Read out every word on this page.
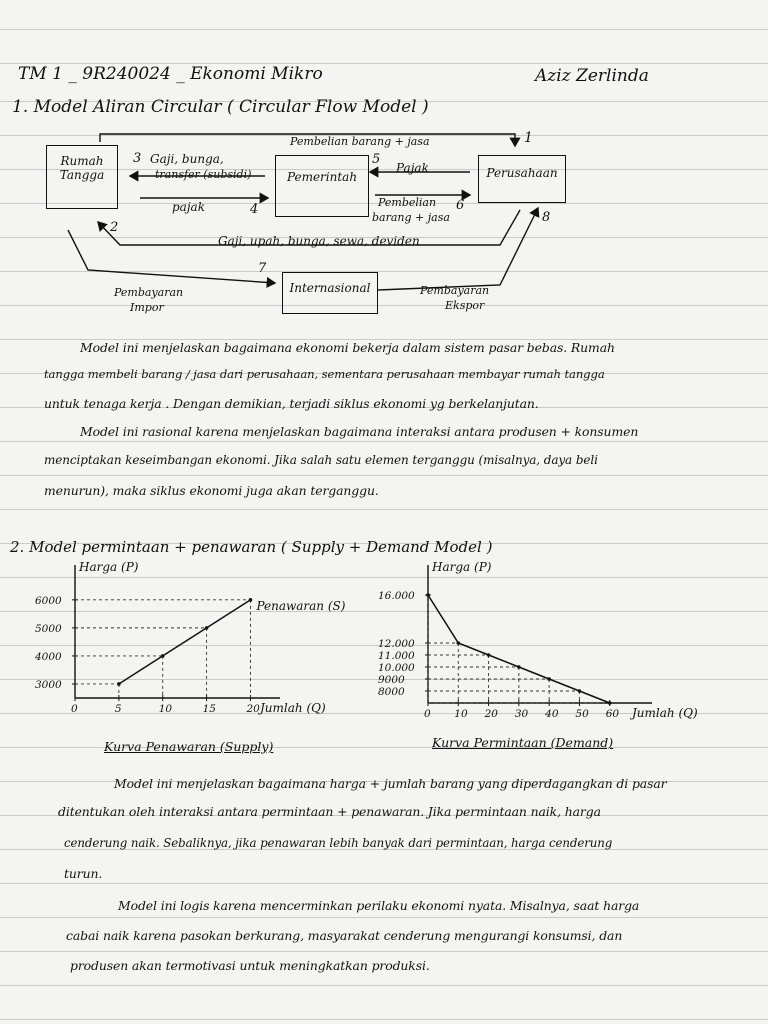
TM 1 _ 9R240024 _ Ekonomi Mikro	Aziz Zerlinda
1. Model Aliran Circular ( Circular Flow Model )
Rumah
Tangga	Pemerintah	Perusahaan
Internasional
Pembelian barang + jasa	1
3 Gaji, bunga,
transfer (subsidi)
pajak	4
5
Pajak
Pembelian 6
barang + jasa
2
8
Gaji, upah, bunga, sewa, deviden
7
Pembayaran
Impor
Pembayaran
Ekspor
Model ini menjelaskan bagaimana ekonomi bekerja dalam sistem pasar bebas. Rumah
tangga membeli barang / jasa dari perusahaan, sementara perusahaan membayar rumah tangga
untuk tenaga kerja . Dengan demikian, terjadi siklus ekonomi yg berkelanjutan.
Model ini rasional karena menjelaskan bagaimana interaksi antara produsen + konsumen
menciptakan keseimbangan ekonomi. Jika salah satu elemen terganggu (misalnya, daya beli
menurun), maka siklus ekonomi juga akan terganggu.
2. Model permintaan + penawaran ( Supply + Demand Model )
Harga (P)
Jumlah (Q)
0	5	10	15	20
3000
4000
5000
6000	Penawaran (S)
Harga (P)
Jumlah (Q)
0 10 20 30 40 50 60
8000
9000
10.000
11.000
12.000
16.000
Kurva Penawaran (Supply)	Kurva Permintaan (Demand)
Model ini menjelaskan bagaimana harga + jumlah barang yang diperdagangkan di pasar
ditentukan oleh interaksi antara permintaan + penawaran. Jika permintaan naik, harga
cenderung naik. Sebaliknya, jika penawaran lebih banyak dari permintaan, harga cenderung
turun.
Model ini logis karena mencerminkan perilaku ekonomi nyata. Misalnya, saat harga
cabai naik karena pasokan berkurang, masyarakat cenderung mengurangi konsumsi, dan
produsen akan termotivasi untuk meningkatkan produksi.
